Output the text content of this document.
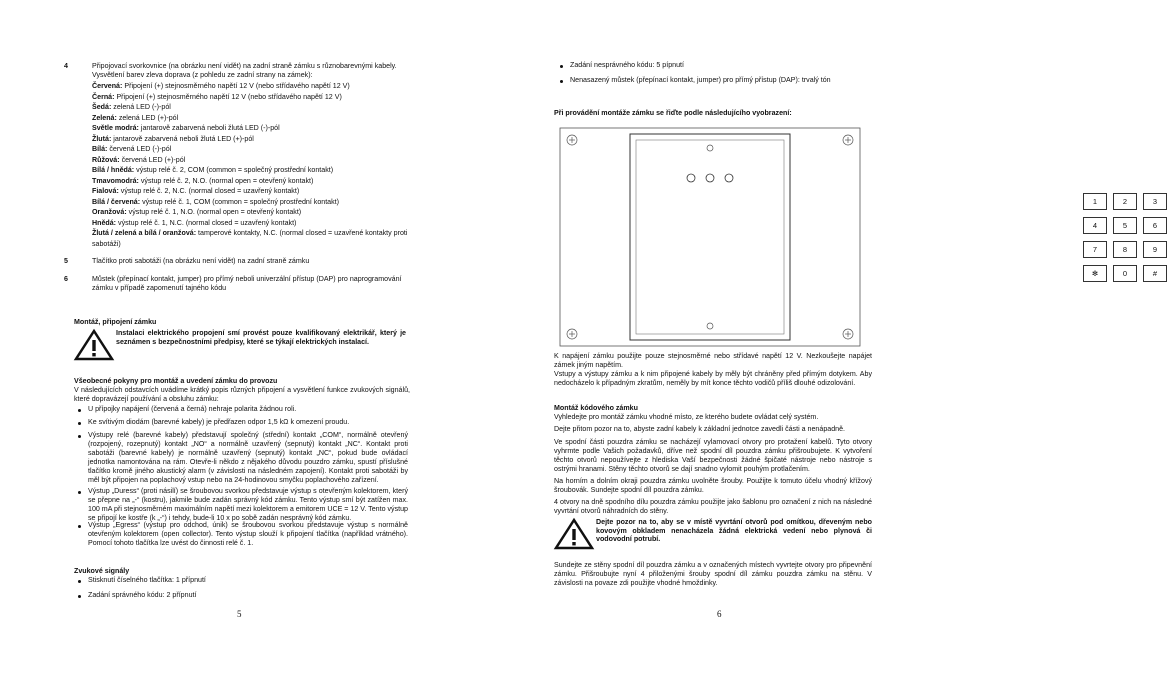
4	Připojovací svorkovnice (na obrázku není vidět) na zadní straně zámku s různobarevnými kabely.
Vysvětlení barev zleva doprava (z pohledu ze zadní strany na zámek):
Červená: Připojení (+) stejnosměrného napětí 12 V (nebo střídavého napětí 12 V)
Černá: Připojení (+) stejnosměrného napětí 12 V (nebo střídavého napětí 12 V)
Šedá: zelená LED (-)-pól
Zelená: zelená LED (+)-pól
Světle modrá: jantarově zabarvená neboli žlutá LED (-)-pól
Žlutá: jantarově zabarvená neboli žlutá LED (+)-pól
Bílá: červená LED (-)-pól
Růžová: červená LED (+)-pól
Bílá / hnědá: výstup relé č. 2, COM (common = společný prostřední kontakt)
Tmavomodrá: výstup relé č. 2, N.O. (normal open = otevřený kontakt)
Fialová: výstup relé č. 2, N.C. (normal closed = uzavřený kontakt)
Bílá / červená: výstup relé č. 1, COM (common = společný prostřední kontakt)
Oranžová: výstup relé č. 1, N.O. (normal open = otevřený kontakt)
Hnědá: výstup relé č. 1, N.C. (normal closed = uzavřený kontakt)
Žlutá / zelená a bílá / oranžová: tamperové kontakty, N.C. (normal closed = uzavřené kontakty proti
sabotáži)
5	Tlačítko proti sabotáži (na obrázku není vidět) na zadní straně zámku
6	Můstek (přepínací kontakt, jumper) pro přímý neboli univerzální přístup (DAP) pro naprogramování
zámku v případě zapomenutí tajného kódu
Montáž, připojení zámku
Instalaci elektrického propojení smí provést pouze kvalifikovaný elektrikář, který je seznámen s bezpečnostními předpisy, které se týkají elektrických instalací.
Všeobecné pokyny pro montáž a uvedení zámku do provozu
V následujících odstavcích uvádíme krátký popis různých připojení a vysvětlení funkce zvukových signálů, které dopravázejí používání a obsluhu zámku:
U přípojky napájení (červená a černá) nehraje polarita žádnou roli.
Ke svítivým diodám (barevné kabely) je předřazen odpor 1,5 kΩ k omezení proudu.
Výstupy relé (barevné kabely) představují společný (střední) kontakt „COM“, normálně otevřený (rozpojený, rozepnutý) kontakt „NO“ a normálně uzavřený (sepnutý) kontakt „NC“. Kontakt proti sabotáži (barevné kabely) je normálně uzavřený (sepnutý) kontakt „NC“, pokud bude ovládací jednotka namontována na rám. Otevře-li někdo z nějakého důvodu pouzdro zámku, spustí příslušné tlačítko kromě jiného akustický alarm (v závislosti na následném zapojení). Kontakt proti sabotáži by měl být připojen na poplachový vstup nebo na 24-hodinovou smyčku poplachového zařízení.
Výstup „Duress“ (proti násilí) se šroubovou svorkou představuje výstup s otevřeným kolektorem, který se přepne na „-“ (kostru), jakmile bude zadán správný kód zámku. Tento výstup smí být zatížen max. 100 mA při stejnosměrném maximálním napětí mezi kolektorem a emitorem UCE = 12 V. Tento výstup se připojí ke kostře (k „-“) i tehdy, bude-li 10 x po sobě zadán nesprávný kód zámku.
Výstup „Egress“ (výstup pro odchod, únik) se šroubovou svorkou představuje výstup s normálně otevřeným kolektorem (open collector). Tento výstup slouží k připojení tlačítka (například vrátného). Pomocí tohoto tlačítka lze uvést do činnosti relé č. 1.
Zvukové signály
Stisknutí číselného tlačítka: 1 přípnutí
Zadání správného kódu: 2 přípnutí
5
Zadání nesprávného kódu: 5 pípnutí
Nenasazený můstek (přepínací kontakt, jumper) pro přímý přístup (DAP): trvalý tón
Při provádění montáže zámku se řiďte podle následujícího vyobrazení:
1	2	3
4	5	6
7	8	9
✻	0	#
K napájení zámku použijte pouze stejnosměrné nebo střídavé napětí 12 V. Nezkoušejte napájet zámek jiným napětím.
Vstupy a výstupy zámku a k nim připojené kabely by měly být chráněny před přímým dotykem. Aby nedocházelo k případným zkratům, neměly by mít konce těchto vodičů příliš dlouhé odizolování.
Montáž kódového zámku
Vyhledejte pro montáž zámku vhodné místo, ze kterého budete ovládat celý systém.
Dejte přitom pozor na to, abyste zadní kabely k základní jednotce zavedli části a nenápadně.
Ve spodní části pouzdra zámku se nacházejí vylamovací otvory pro protažení kabelů. Tyto otvory vyhrmte podle Vašich požadavků, dříve než spodní díl pouzdra zámku přišroubujete. K vytvoření těchto otvorů nepoužívejte z hlediska Vaší bezpečnosti žádné špičaté nástroje nebo nástroje s ostrými hranami. Stěny těchto otvorů se dají snadno vylomit pouhým protlačením.
Na horním a dolním okraji pouzdra zámku uvolněte šrouby. Použijte k tomuto účelu vhodný křížový šroubovák. Sundejte spodní díl pouzdra zámku.
4 otvory na dně spodního dílu pouzdra zámku použijte jako šablonu pro označení z nich na následné vyvrtání otvorů náhradních do stěny.
Dejte pozor na to, aby se v místě vyvrtání otvorů pod omítkou, dřeveným nebo kovovým obkladem nenacházela žádná elektrická vedení nebo plynová či vodovodní potrubí.
Sundejte ze stěny spodní díl pouzdra zámku a v označených místech vyvrtejte otvory pro připevnění zámku. Přišroubujte nyní 4 přiloženými šrouby spodní díl zámku pouzdra zámku na stěnu. V závislosti na povaze zdi použijte vhodné hmoždinky.
6
